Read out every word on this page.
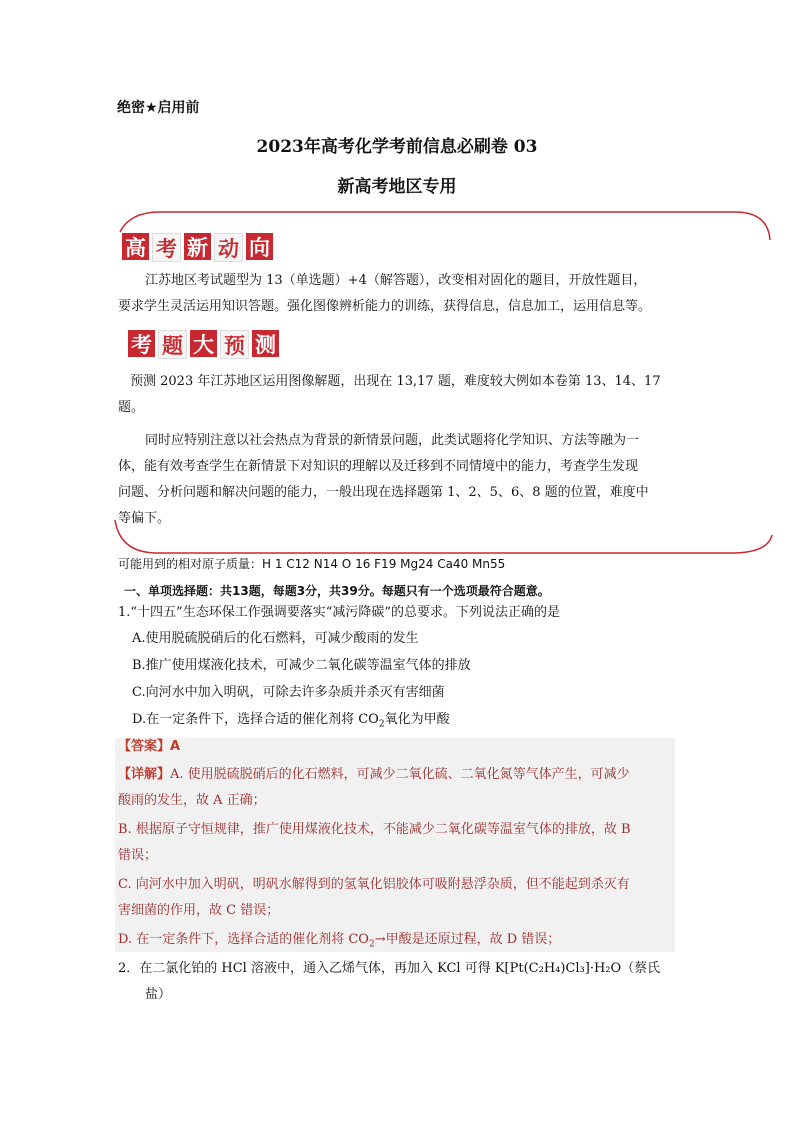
绝密★启用前
2023年高考化学考前信息必刷卷 03
新高考地区专用
高 考 新 动 向
江苏地区考试题型为 13（单选题）+4（解答题），改变相对固化的题目，开放性题目，
要求学生灵活运用知识答题。强化图像辨析能力的训练，获得信息，信息加工，运用信息等。
考 题 大 预 测
预测 2023 年江苏地区运用图像解题，出现在 13,17 题，难度较大例如本卷第 13、14、17
题。
同时应特别注意以社会热点为背景的新情景问题，此类试题将化学知识、方法等融为一
体，能有效考查学生在新情景下对知识的理解以及迁移到不同情境中的能力，考查学生发现
问题、分析问题和解决问题的能力，一般出现在选择题第 1、2、5、6、8 题的位置，难度中
等偏下。
可能用到的相对原子质量：H 1 C12 N14 O 16 F19 Mg24 Ca40 Mn55
一、单项选择题：共13题，每题3分，共39分。每题只有一个选项最符合题意。
1.“十四五”生态环保工作强调要落实“减污降碳”的总要求。下列说法正确的是
A.使用脱硫脱硝后的化石燃料，可减少酸雨的发生
B.推广使用煤液化技术，可减少二氧化碳等温室气体的排放
C.向河水中加入明矾，可除去许多杂质并杀灭有害细菌
D.在一定条件下，选择合适的催化剂将 $CO_2$氧化为甲酸
【答案】A
【详解】A. 使用脱硫脱硝后的化石燃料，可减少二氧化硫、二氧化氮等气体产生，可减少
酸雨的发生，故 A 正确；
B. 根据原子守恒规律，推广使用煤液化技术，不能减少二氧化碳等温室气体的排放，故 B
错误；
C. 向河水中加入明矾，明矾水解得到的氢氧化铝胶体可吸附悬浮杂质，但不能起到杀灭有
害细菌的作用，故 C 错误；
D. 在一定条件下，选择合适的催化剂将 $CO_2\to$甲酸是还原过程，故 D 错误；
2．在二氯化铂的 HCl 溶液中，通入乙烯气体，再加入 KCl 可得 K[Pt(C₂H₄)Cl₃]·H₂O（蔡氏
盐）
